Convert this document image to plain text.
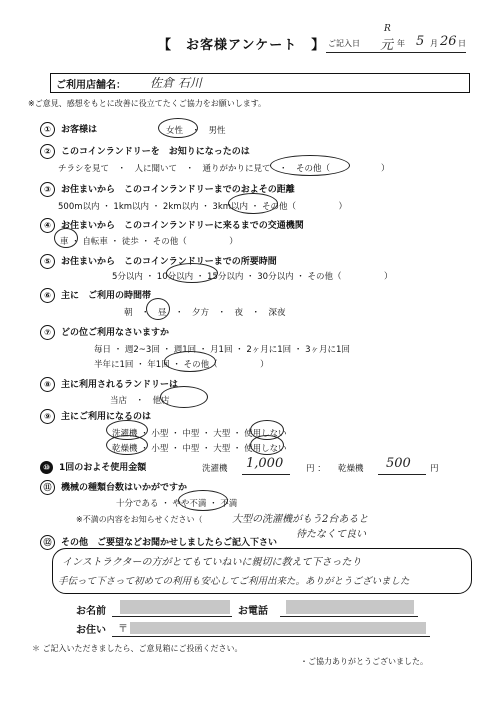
【　お客様アンケート　】 ご記入日
R
元 年 5 月 26 日
ご利用店舗名： 佐倉 石川
※ご意見、感想をもとに改善に役立てたくご協力をお願いします。
① お客様は	女性　・　男性
② このコインランドリーを　お知りになったのは
チラシを見て　・　人に聞いて　・　通りがかりに見て　・　その他（　　　　　　）
③ お住まいから　このコインランドリーまでのおよその距離
500m以内 ・ 1km以内 ・ 2km以内 ・ 3km以内 ・ その他（　　　　　）
④ お住まいから　このコインランドリーに来るまでの交通機関
車 ・ 自転車 ・ 徒歩 ・ その他（　　　　　）
⑤ お住まいから　このコインランドリーまでの所要時間
5分以内 ・ 10分以内 ・ 15分以内 ・ 30分以内 ・ その他（　　　　　）
⑥ 主に　ご利用の時間帯
朝　・　昼　・　夕方　・　夜　・　深夜
⑦ どの位ご利用なさいますか
毎日 ・ 週2~3回 ・ 週1回 ・ 月1回 ・ 2ヶ月に1回 ・ 3ヶ月に1回
半年に1回 ・ 年1回 ・ その他（　　　　　）
⑧ 主に利用されるランドリーは
当店　・　他店
⑨ 主にご利用になるのは
洗濯機 ・ 小型 ・ 中型 ・ 大型 ・ 使用しない
乾燥機 ・ 小型 ・ 中型 ・ 大型 ・ 使用しない
⑩ 1回のおよそ使用金額	洗濯機 1,000	円 ： 乾燥機 500 円
⑪ 機械の種類台数はいかがですか
十分である ・ やや不満 ・ 不満
※不満の内容をお知らせください（	大型の洗濯機がもう2台あると
待たなくて良い
⑫ その他　ご要望などお聞かせしましたらご記入下さい
インストラクターの方がとてもていねいに親切に教えて下さったり
手伝って下さって初めての利用も安心してご利用出来た。ありがとうございました
お名前	お電話
お住い 〒
＊ ご記入いただきましたら、ご意見箱にご投函ください。
・ご協力ありがとうございました。
